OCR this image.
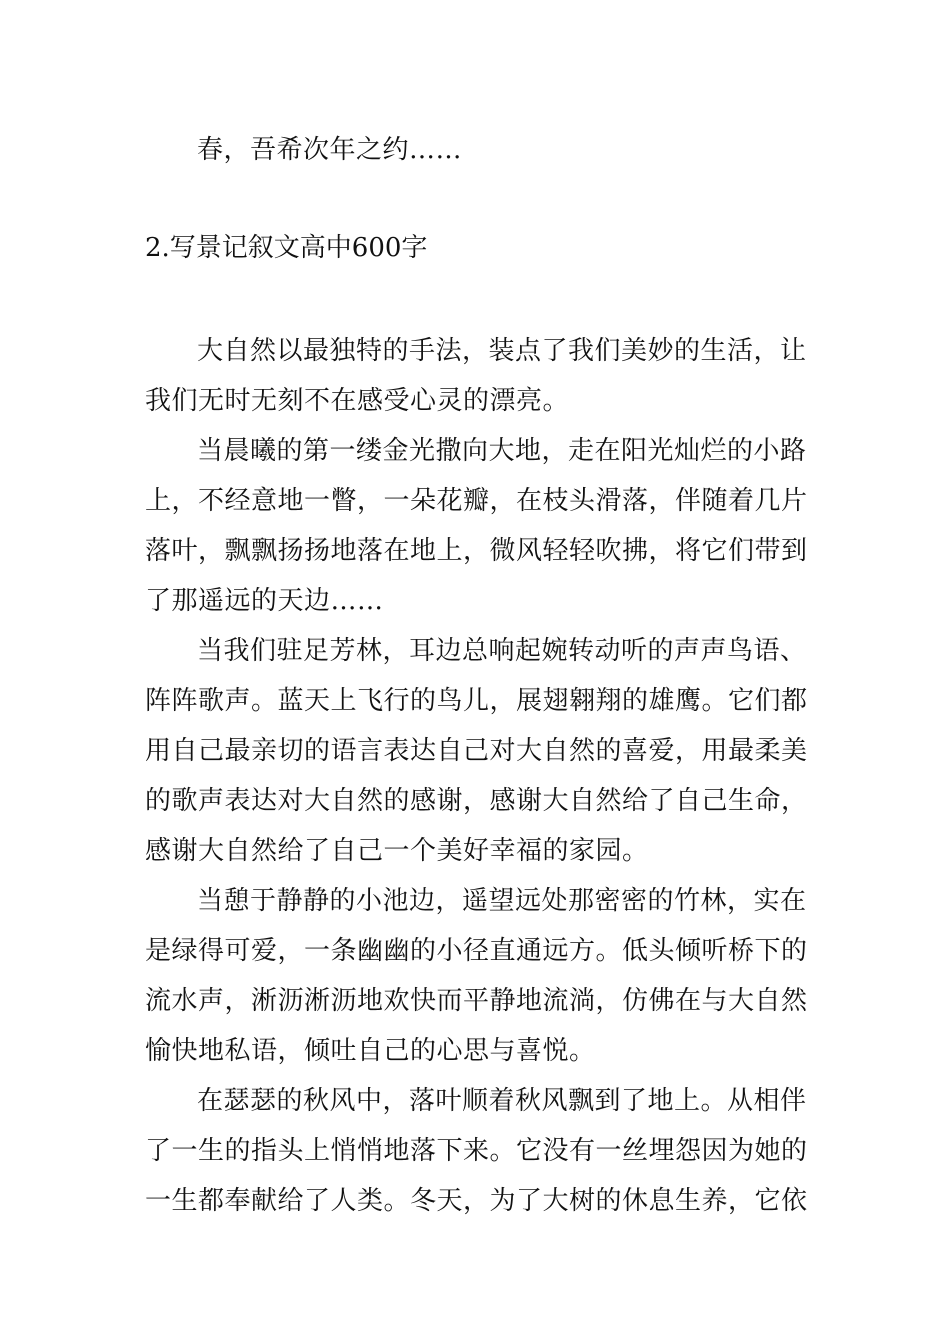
春，吾希次年之约……
2.写景记叙文高中600字
大自然以最独特的手法，装点了我们美妙的生活，让
我们无时无刻不在感受心灵的漂亮。
当晨曦的第一缕金光撒向大地，走在阳光灿烂的小路
上，不经意地一瞥，一朵花瓣，在枝头滑落，伴随着几片
落叶，飘飘扬扬地落在地上，微风轻轻吹拂，将它们带到
了那遥远的天边……
当我们驻足芳林，耳边总响起婉转动听的声声鸟语、
阵阵歌声。蓝天上飞行的鸟儿，展翅翱翔的雄鹰。它们都
用自己最亲切的语言表达自己对大自然的喜爱，用最柔美
的歌声表达对大自然的感谢，感谢大自然给了自己生命，
感谢大自然给了自己一个美好幸福的家园。
当憩于静静的小池边，遥望远处那密密的竹林，实在
是绿得可爱，一条幽幽的小径直通远方。低头倾听桥下的
流水声，淅沥淅沥地欢快而平静地流淌，仿佛在与大自然
愉快地私语，倾吐自己的心思与喜悦。
在瑟瑟的秋风中，落叶顺着秋风飘到了地上。从相伴
了一生的指头上悄悄地落下来。它没有一丝埋怨因为她的
一生都奉献给了人类。冬天，为了大树的休息生养，它依
